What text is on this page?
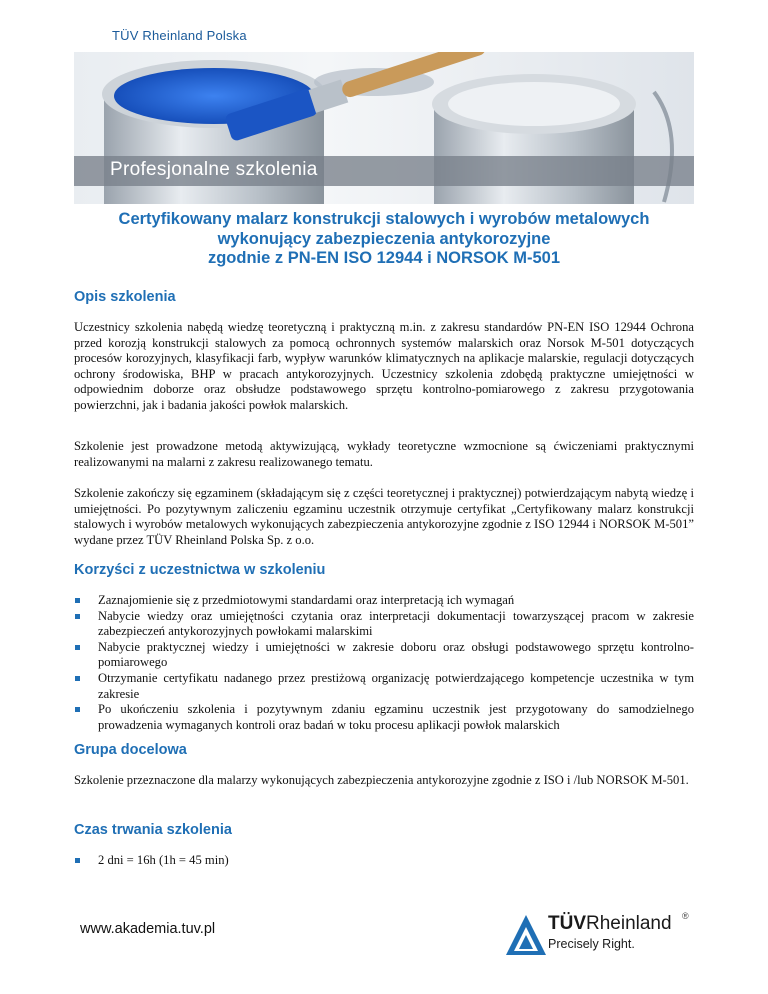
TÜV Rheinland Polska
Profesjonalne szkolenia
Certyfikowany malarz konstrukcji stalowych i wyrobów metalowych
wykonujący zabezpieczenia antykorozyjne
zgodnie z PN-EN ISO 12944 i NORSOK M-501
Opis szkolenia
Uczestnicy szkolenia nabędą wiedzę teoretyczną i praktyczną m.in. z zakresu standardów PN-EN ISO 12944 Ochrona przed korozją konstrukcji stalowych za pomocą ochronnych systemów malarskich oraz Norsok M-501 dotyczących procesów korozyjnych, klasyfikacji farb, wypływ warunków klimatycznych na aplikacje malarskie, regulacji dotyczących ochrony środowiska, BHP w pracach antykorozyjnych. Uczestnicy szkolenia zdobędą praktyczne umiejętności w odpowiednim doborze oraz obsłudze podstawowego sprzętu kontrolno-pomiarowego z zakresu przygotowania powierzchni, jak i badania jakości powłok malarskich.
Szkolenie jest prowadzone metodą aktywizującą, wykłady teoretyczne wzmocnione są ćwiczeniami praktycznymi realizowanymi na malarni z zakresu realizowanego tematu.
Szkolenie zakończy się egzaminem (składającym się z części teoretycznej i praktycznej) potwierdzającym nabytą wiedzę i umiejętności. Po pozytywnym zaliczeniu egzaminu uczestnik otrzymuje certyfikat „Certyfikowany malarz konstrukcji stalowych i wyrobów metalowych wykonujących zabezpieczenia antykorozyjne zgodnie z ISO 12944 i NORSOK M-501” wydane przez TÜV Rheinland Polska Sp. z o.o.
Korzyści z uczestnictwa w szkoleniu
Zaznajomienie się z przedmiotowymi standardami oraz interpretacją ich wymagań
Nabycie wiedzy oraz umiejętności czytania oraz interpretacji dokumentacji towarzyszącej pracom w zakresie zabezpieczeń antykorozyjnych powłokami malarskimi
Nabycie praktycznej wiedzy i umiejętności w zakresie doboru oraz obsługi podstawowego sprzętu kontrolno-pomiarowego
Otrzymanie certyfikatu nadanego przez prestiżową organizację potwierdzającego kompetencje uczestnika w tym zakresie
Po ukończeniu szkolenia i pozytywnym zdaniu egzaminu uczestnik jest przygotowany do samodzielnego prowadzenia wymaganych kontroli oraz badań w toku procesu aplikacji powłok malarskich
Grupa docelowa
Szkolenie przeznaczone dla malarzy wykonujących zabezpieczenia antykorozyjne zgodnie z ISO i /lub NORSOK M-501.
Czas trwania szkolenia
2 dni = 16h (1h = 45 min)
www.akademia.tuv.pl	TÜVRheinland ®
Precisely Right.
